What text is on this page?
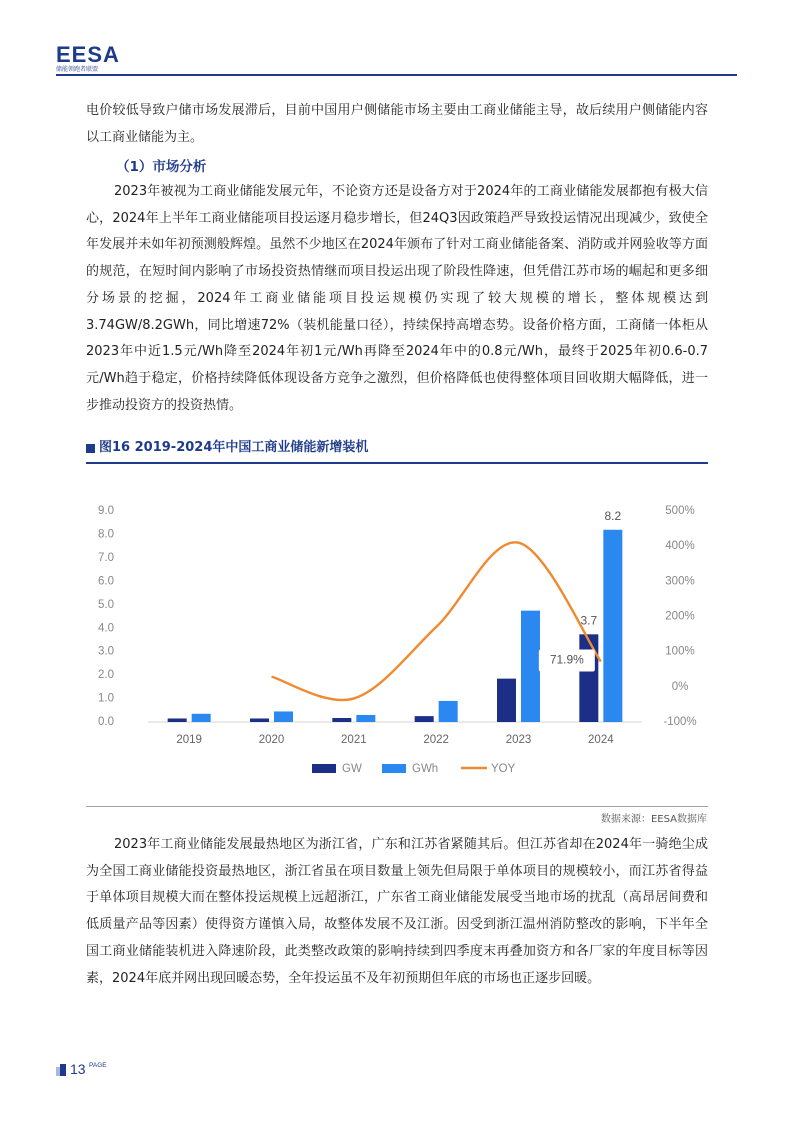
EESA
储能领跑者联盟

电价较低导致户储市场发展滞后，目前中国用户侧储能市场主要由工商业储能主导，故后续用户侧储能内容以工商业储能为主。

（1）市场分析

2023年被视为工商业储能发展元年，不论资方还是设备方对于2024年的工商业储能发展都抱有极大信心，2024年上半年工商业储能项目投运逐月稳步增长，但24Q3因政策趋严导致投运情况出现减少，致使全年发展并未如年初预测般辉煌。虽然不少地区在2024年颁布了针对工商业储能备案、消防或并网验收等方面的规范，在短时间内影响了市场投资热情继而项目投运出现了阶段性降速，但凭借江苏市场的崛起和更多细分场景的挖掘，2024年工商业储能项目投运规模仍实现了较大规模的增长，整体规模达到3.74GW/8.2GWh，同比增速72%（装机能量口径），持续保持高增态势。设备价格方面，工商储一体柜从2023年中近1.5元/Wh降至2024年初1元/Wh再降至2024年中的0.8元/Wh，最终于2025年初0.6-0.7元/Wh趋于稳定，价格持续降低体现设备方竞争之激烈，但价格降低也使得整体项目回收期大幅降低，进一步推动投资方的投资热情。

图16 2019-2024年中国工商业储能新增装机
0.0
1.0
2.0
3.0
4.0
5.0
6.0
7.0
8.0
9.0
-100%
0%
100%
200%
300%
400%
500%
2019	2020	2021	2022	2023	2024
8.2
3.7
71.9%
GW	GWh	YOY
数据来源：EESA数据库

2023年工商业储能发展最热地区为浙江省，广东和江苏省紧随其后。但江苏省却在2024年一骑绝尘成为全国工商业储能投资最热地区，浙江省虽在项目数量上领先但局限于单体项目的规模较小，而江苏省得益于单体项目规模大而在整体投运规模上远超浙江，广东省工商业储能发展受当地市场的扰乱（高昂居间费和低质量产品等因素）使得资方谨慎入局，故整体发展不及江浙。因受到浙江温州消防整改的影响，下半年全国工商业储能装机进入降速阶段，此类整改政策的影响持续到四季度末再叠加资方和各厂家的年度目标等因素，2024年底并网出现回暖态势，全年投运虽不及年初预期但年底的市场也正逐步回暖。

13 PAGE
